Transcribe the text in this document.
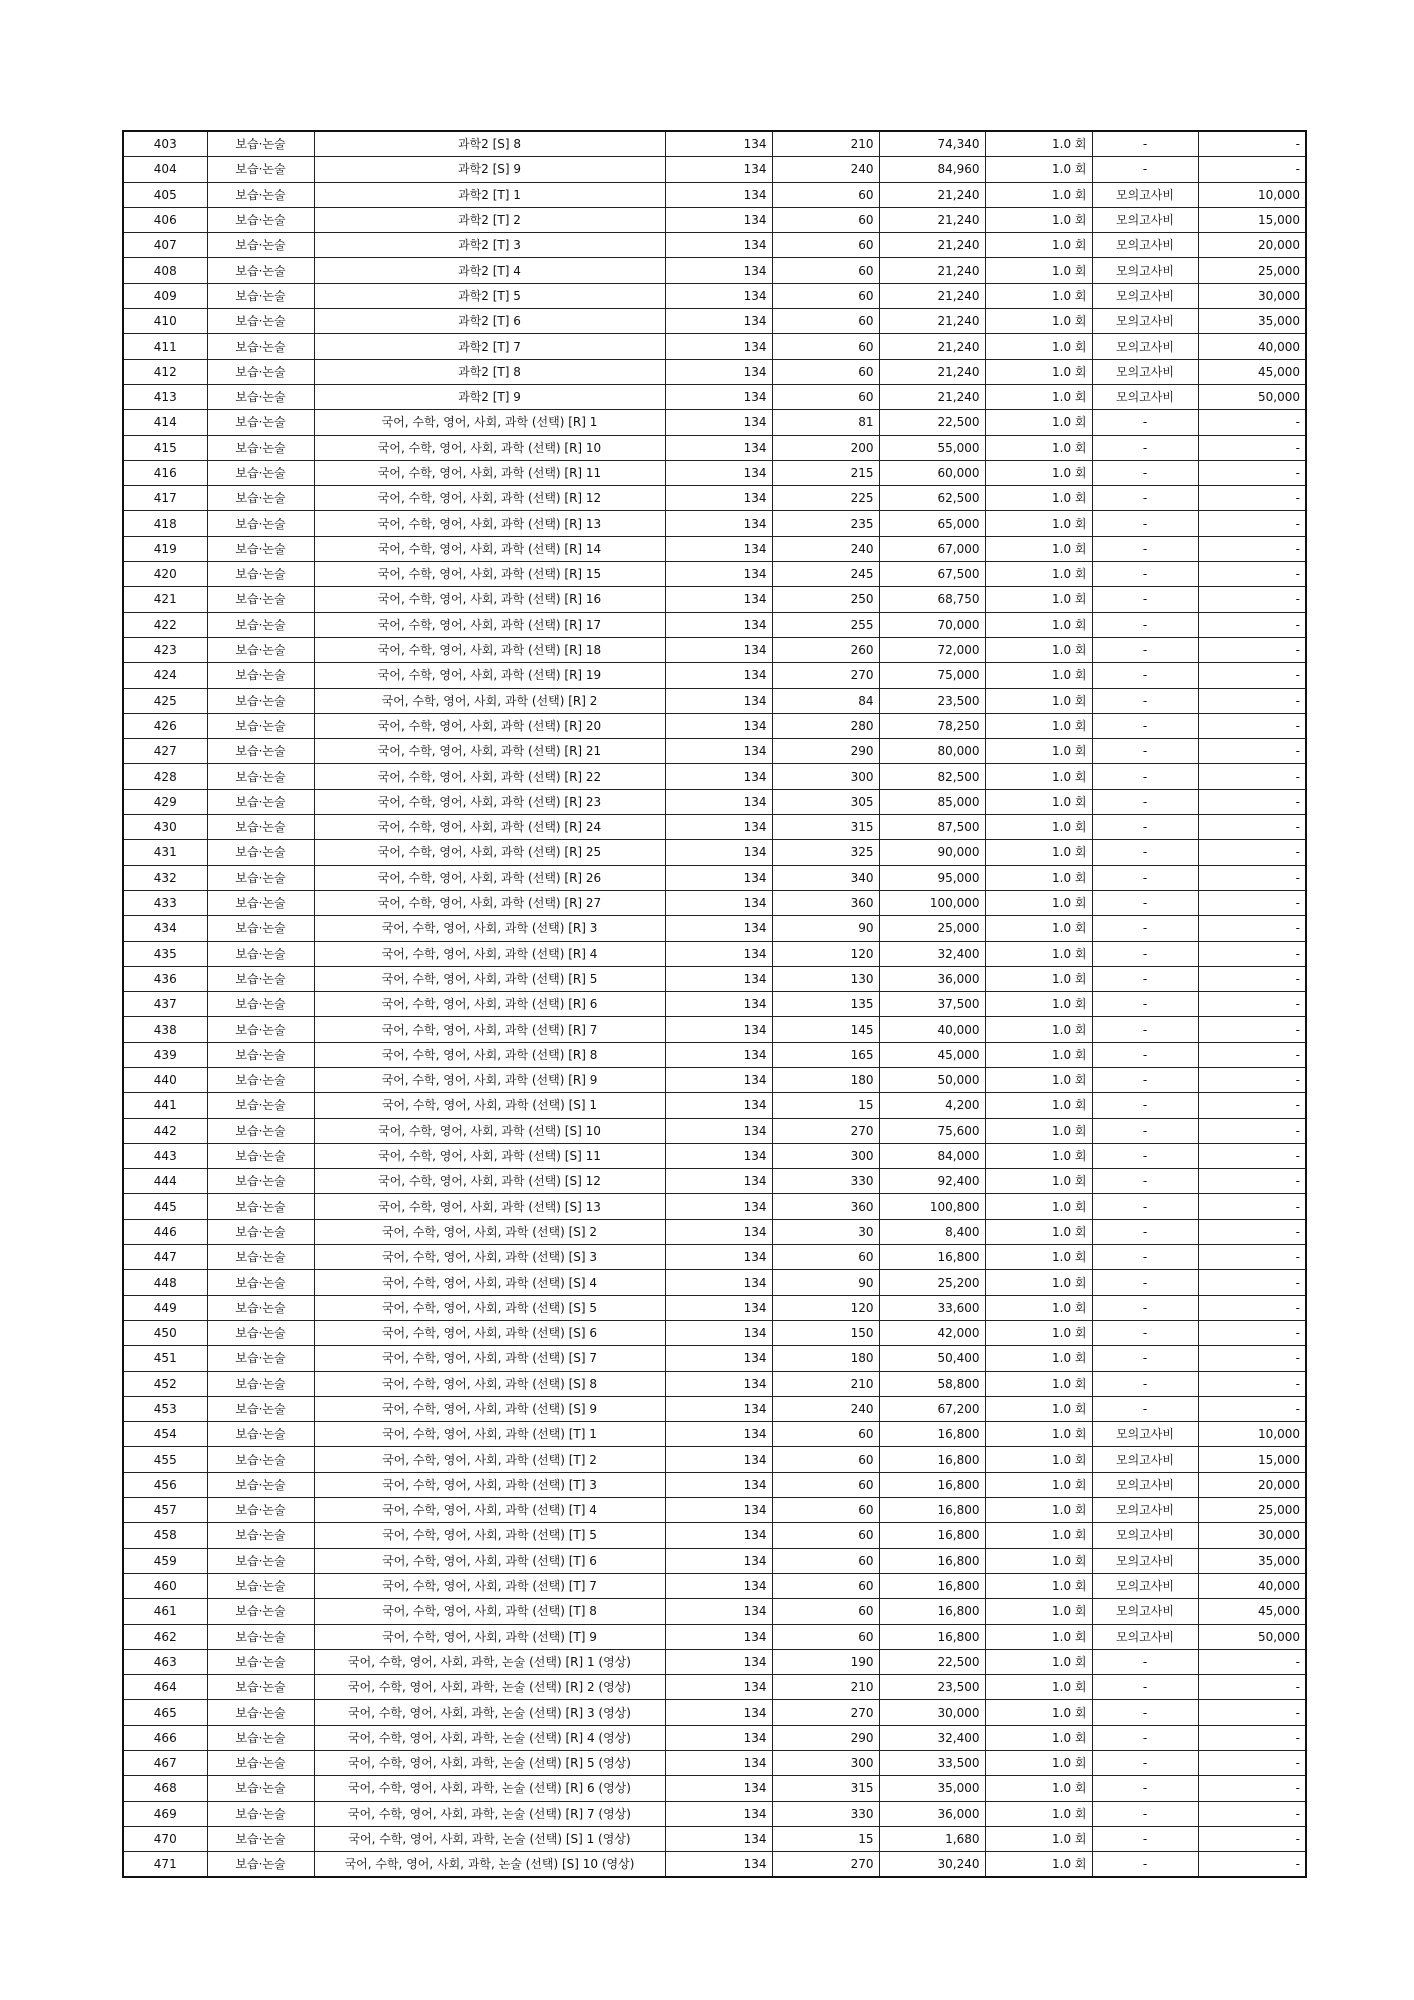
403	보습·논술	과학2 [S] 8	134	210	74,340	1.0 회	-	-
404	보습·논술	과학2 [S] 9	134	240	84,960	1.0 회	-	-
405	보습·논술	과학2 [T] 1	134	60	21,240	1.0 회	모의고사비	10,000
406	보습·논술	과학2 [T] 2	134	60	21,240	1.0 회	모의고사비	15,000
407	보습·논술	과학2 [T] 3	134	60	21,240	1.0 회	모의고사비	20,000
408	보습·논술	과학2 [T] 4	134	60	21,240	1.0 회	모의고사비	25,000
409	보습·논술	과학2 [T] 5	134	60	21,240	1.0 회	모의고사비	30,000
410	보습·논술	과학2 [T] 6	134	60	21,240	1.0 회	모의고사비	35,000
411	보습·논술	과학2 [T] 7	134	60	21,240	1.0 회	모의고사비	40,000
412	보습·논술	과학2 [T] 8	134	60	21,240	1.0 회	모의고사비	45,000
413	보습·논술	과학2 [T] 9	134	60	21,240	1.0 회	모의고사비	50,000
414	보습·논술	국어, 수학, 영어, 사회, 과학 (선택) [R] 1	134	81	22,500	1.0 회	-	-
415	보습·논술	국어, 수학, 영어, 사회, 과학 (선택) [R] 10	134	200	55,000	1.0 회	-	-
416	보습·논술	국어, 수학, 영어, 사회, 과학 (선택) [R] 11	134	215	60,000	1.0 회	-	-
417	보습·논술	국어, 수학, 영어, 사회, 과학 (선택) [R] 12	134	225	62,500	1.0 회	-	-
418	보습·논술	국어, 수학, 영어, 사회, 과학 (선택) [R] 13	134	235	65,000	1.0 회	-	-
419	보습·논술	국어, 수학, 영어, 사회, 과학 (선택) [R] 14	134	240	67,000	1.0 회	-	-
420	보습·논술	국어, 수학, 영어, 사회, 과학 (선택) [R] 15	134	245	67,500	1.0 회	-	-
421	보습·논술	국어, 수학, 영어, 사회, 과학 (선택) [R] 16	134	250	68,750	1.0 회	-	-
422	보습·논술	국어, 수학, 영어, 사회, 과학 (선택) [R] 17	134	255	70,000	1.0 회	-	-
423	보습·논술	국어, 수학, 영어, 사회, 과학 (선택) [R] 18	134	260	72,000	1.0 회	-	-
424	보습·논술	국어, 수학, 영어, 사회, 과학 (선택) [R] 19	134	270	75,000	1.0 회	-	-
425	보습·논술	국어, 수학, 영어, 사회, 과학 (선택) [R] 2	134	84	23,500	1.0 회	-	-
426	보습·논술	국어, 수학, 영어, 사회, 과학 (선택) [R] 20	134	280	78,250	1.0 회	-	-
427	보습·논술	국어, 수학, 영어, 사회, 과학 (선택) [R] 21	134	290	80,000	1.0 회	-	-
428	보습·논술	국어, 수학, 영어, 사회, 과학 (선택) [R] 22	134	300	82,500	1.0 회	-	-
429	보습·논술	국어, 수학, 영어, 사회, 과학 (선택) [R] 23	134	305	85,000	1.0 회	-	-
430	보습·논술	국어, 수학, 영어, 사회, 과학 (선택) [R] 24	134	315	87,500	1.0 회	-	-
431	보습·논술	국어, 수학, 영어, 사회, 과학 (선택) [R] 25	134	325	90,000	1.0 회	-	-
432	보습·논술	국어, 수학, 영어, 사회, 과학 (선택) [R] 26	134	340	95,000	1.0 회	-	-
433	보습·논술	국어, 수학, 영어, 사회, 과학 (선택) [R] 27	134	360	100,000	1.0 회	-	-
434	보습·논술	국어, 수학, 영어, 사회, 과학 (선택) [R] 3	134	90	25,000	1.0 회	-	-
435	보습·논술	국어, 수학, 영어, 사회, 과학 (선택) [R] 4	134	120	32,400	1.0 회	-	-
436	보습·논술	국어, 수학, 영어, 사회, 과학 (선택) [R] 5	134	130	36,000	1.0 회	-	-
437	보습·논술	국어, 수학, 영어, 사회, 과학 (선택) [R] 6	134	135	37,500	1.0 회	-	-
438	보습·논술	국어, 수학, 영어, 사회, 과학 (선택) [R] 7	134	145	40,000	1.0 회	-	-
439	보습·논술	국어, 수학, 영어, 사회, 과학 (선택) [R] 8	134	165	45,000	1.0 회	-	-
440	보습·논술	국어, 수학, 영어, 사회, 과학 (선택) [R] 9	134	180	50,000	1.0 회	-	-
441	보습·논술	국어, 수학, 영어, 사회, 과학 (선택) [S] 1	134	15	4,200	1.0 회	-	-
442	보습·논술	국어, 수학, 영어, 사회, 과학 (선택) [S] 10	134	270	75,600	1.0 회	-	-
443	보습·논술	국어, 수학, 영어, 사회, 과학 (선택) [S] 11	134	300	84,000	1.0 회	-	-
444	보습·논술	국어, 수학, 영어, 사회, 과학 (선택) [S] 12	134	330	92,400	1.0 회	-	-
445	보습·논술	국어, 수학, 영어, 사회, 과학 (선택) [S] 13	134	360	100,800	1.0 회	-	-
446	보습·논술	국어, 수학, 영어, 사회, 과학 (선택) [S] 2	134	30	8,400	1.0 회	-	-
447	보습·논술	국어, 수학, 영어, 사회, 과학 (선택) [S] 3	134	60	16,800	1.0 회	-	-
448	보습·논술	국어, 수학, 영어, 사회, 과학 (선택) [S] 4	134	90	25,200	1.0 회	-	-
449	보습·논술	국어, 수학, 영어, 사회, 과학 (선택) [S] 5	134	120	33,600	1.0 회	-	-
450	보습·논술	국어, 수학, 영어, 사회, 과학 (선택) [S] 6	134	150	42,000	1.0 회	-	-
451	보습·논술	국어, 수학, 영어, 사회, 과학 (선택) [S] 7	134	180	50,400	1.0 회	-	-
452	보습·논술	국어, 수학, 영어, 사회, 과학 (선택) [S] 8	134	210	58,800	1.0 회	-	-
453	보습·논술	국어, 수학, 영어, 사회, 과학 (선택) [S] 9	134	240	67,200	1.0 회	-	-
454	보습·논술	국어, 수학, 영어, 사회, 과학 (선택) [T] 1	134	60	16,800	1.0 회	모의고사비	10,000
455	보습·논술	국어, 수학, 영어, 사회, 과학 (선택) [T] 2	134	60	16,800	1.0 회	모의고사비	15,000
456	보습·논술	국어, 수학, 영어, 사회, 과학 (선택) [T] 3	134	60	16,800	1.0 회	모의고사비	20,000
457	보습·논술	국어, 수학, 영어, 사회, 과학 (선택) [T] 4	134	60	16,800	1.0 회	모의고사비	25,000
458	보습·논술	국어, 수학, 영어, 사회, 과학 (선택) [T] 5	134	60	16,800	1.0 회	모의고사비	30,000
459	보습·논술	국어, 수학, 영어, 사회, 과학 (선택) [T] 6	134	60	16,800	1.0 회	모의고사비	35,000
460	보습·논술	국어, 수학, 영어, 사회, 과학 (선택) [T] 7	134	60	16,800	1.0 회	모의고사비	40,000
461	보습·논술	국어, 수학, 영어, 사회, 과학 (선택) [T] 8	134	60	16,800	1.0 회	모의고사비	45,000
462	보습·논술	국어, 수학, 영어, 사회, 과학 (선택) [T] 9	134	60	16,800	1.0 회	모의고사비	50,000
463	보습·논술	국어, 수학, 영어, 사회, 과학, 논술 (선택) [R] 1 (영상)	134	190	22,500	1.0 회	-	-
464	보습·논술	국어, 수학, 영어, 사회, 과학, 논술 (선택) [R] 2 (영상)	134	210	23,500	1.0 회	-	-
465	보습·논술	국어, 수학, 영어, 사회, 과학, 논술 (선택) [R] 3 (영상)	134	270	30,000	1.0 회	-	-
466	보습·논술	국어, 수학, 영어, 사회, 과학, 논술 (선택) [R] 4 (영상)	134	290	32,400	1.0 회	-	-
467	보습·논술	국어, 수학, 영어, 사회, 과학, 논술 (선택) [R] 5 (영상)	134	300	33,500	1.0 회	-	-
468	보습·논술	국어, 수학, 영어, 사회, 과학, 논술 (선택) [R] 6 (영상)	134	315	35,000	1.0 회	-	-
469	보습·논술	국어, 수학, 영어, 사회, 과학, 논술 (선택) [R] 7 (영상)	134	330	36,000	1.0 회	-	-
470	보습·논술	국어, 수학, 영어, 사회, 과학, 논술 (선택) [S] 1 (영상)	134	15	1,680	1.0 회	-	-
471	보습·논술	국어, 수학, 영어, 사회, 과학, 논술 (선택) [S] 10 (영상)	134	270	30,240	1.0 회	-	-
